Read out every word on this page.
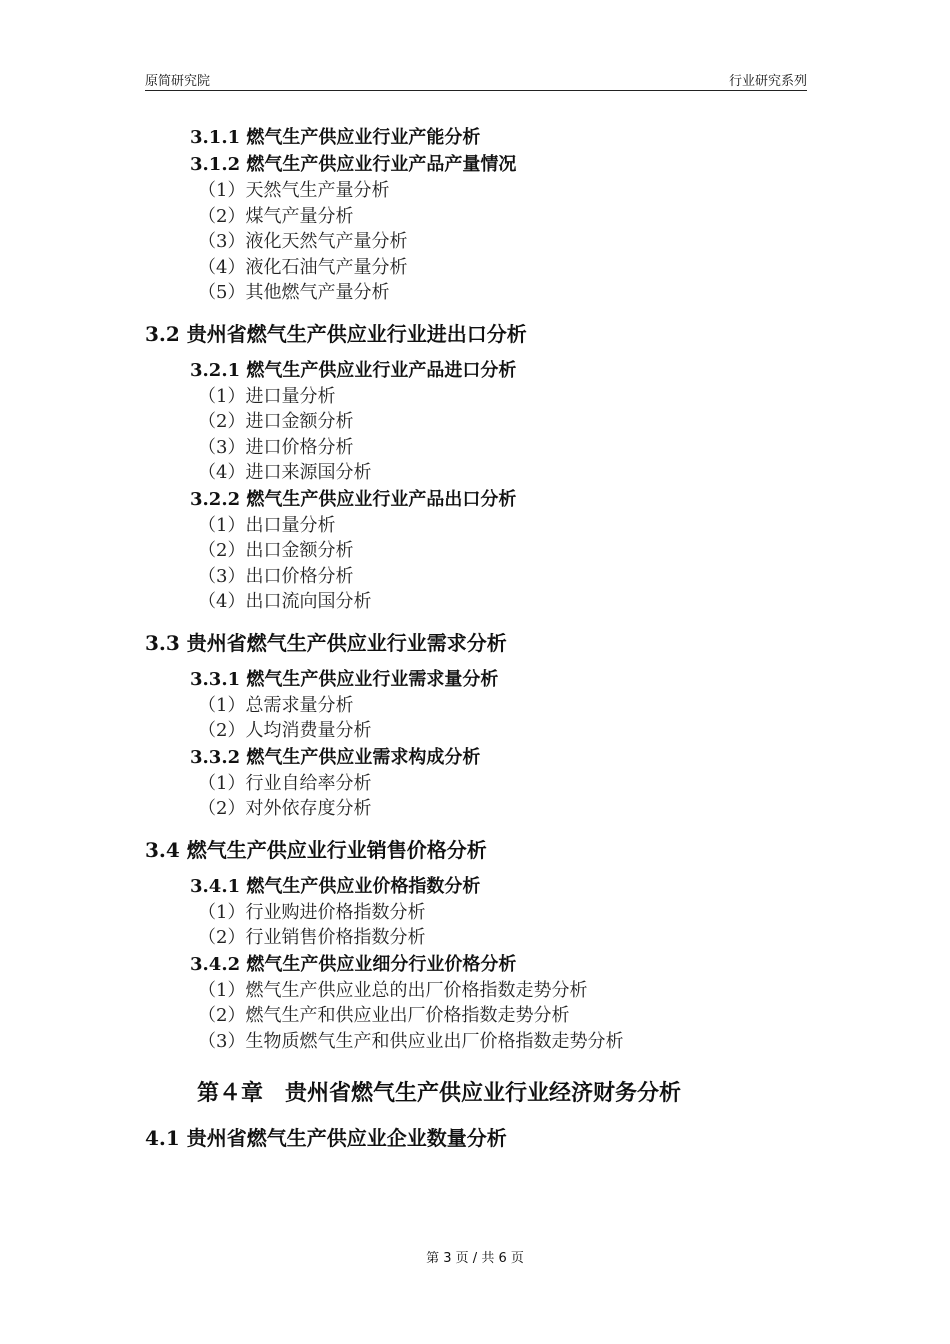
原简研究院	行业研究系列
3.1.1 燃气生产供应业行业产能分析
3.1.2 燃气生产供应业行业产品产量情况
（1）天然气生产量分析
（2）煤气产量分析
（3）液化天然气产量分析
（4）液化石油气产量分析
（5）其他燃气产量分析
3.2 贵州省燃气生产供应业行业进出口分析
3.2.1 燃气生产供应业行业产品进口分析
（1）进口量分析
（2）进口金额分析
（3）进口价格分析
（4）进口来源国分析
3.2.2 燃气生产供应业行业产品出口分析
（1）出口量分析
（2）出口金额分析
（3）出口价格分析
（4）出口流向国分析
3.3 贵州省燃气生产供应业行业需求分析
3.3.1 燃气生产供应业行业需求量分析
（1）总需求量分析
（2）人均消费量分析
3.3.2 燃气生产供应业需求构成分析
（1）行业自给率分析
（2）对外依存度分析
3.4 燃气生产供应业行业销售价格分析
3.4.1 燃气生产供应业价格指数分析
（1）行业购进价格指数分析
（2）行业销售价格指数分析
3.4.2 燃气生产供应业细分行业价格分析
（1）燃气生产供应业总的出厂价格指数走势分析
（2）燃气生产和供应业出厂价格指数走势分析
（3）生物质燃气生产和供应业出厂价格指数走势分析
第４章　贵州省燃气生产供应业行业经济财务分析
4.1 贵州省燃气生产供应业企业数量分析
第 3 页 / 共 6 页
